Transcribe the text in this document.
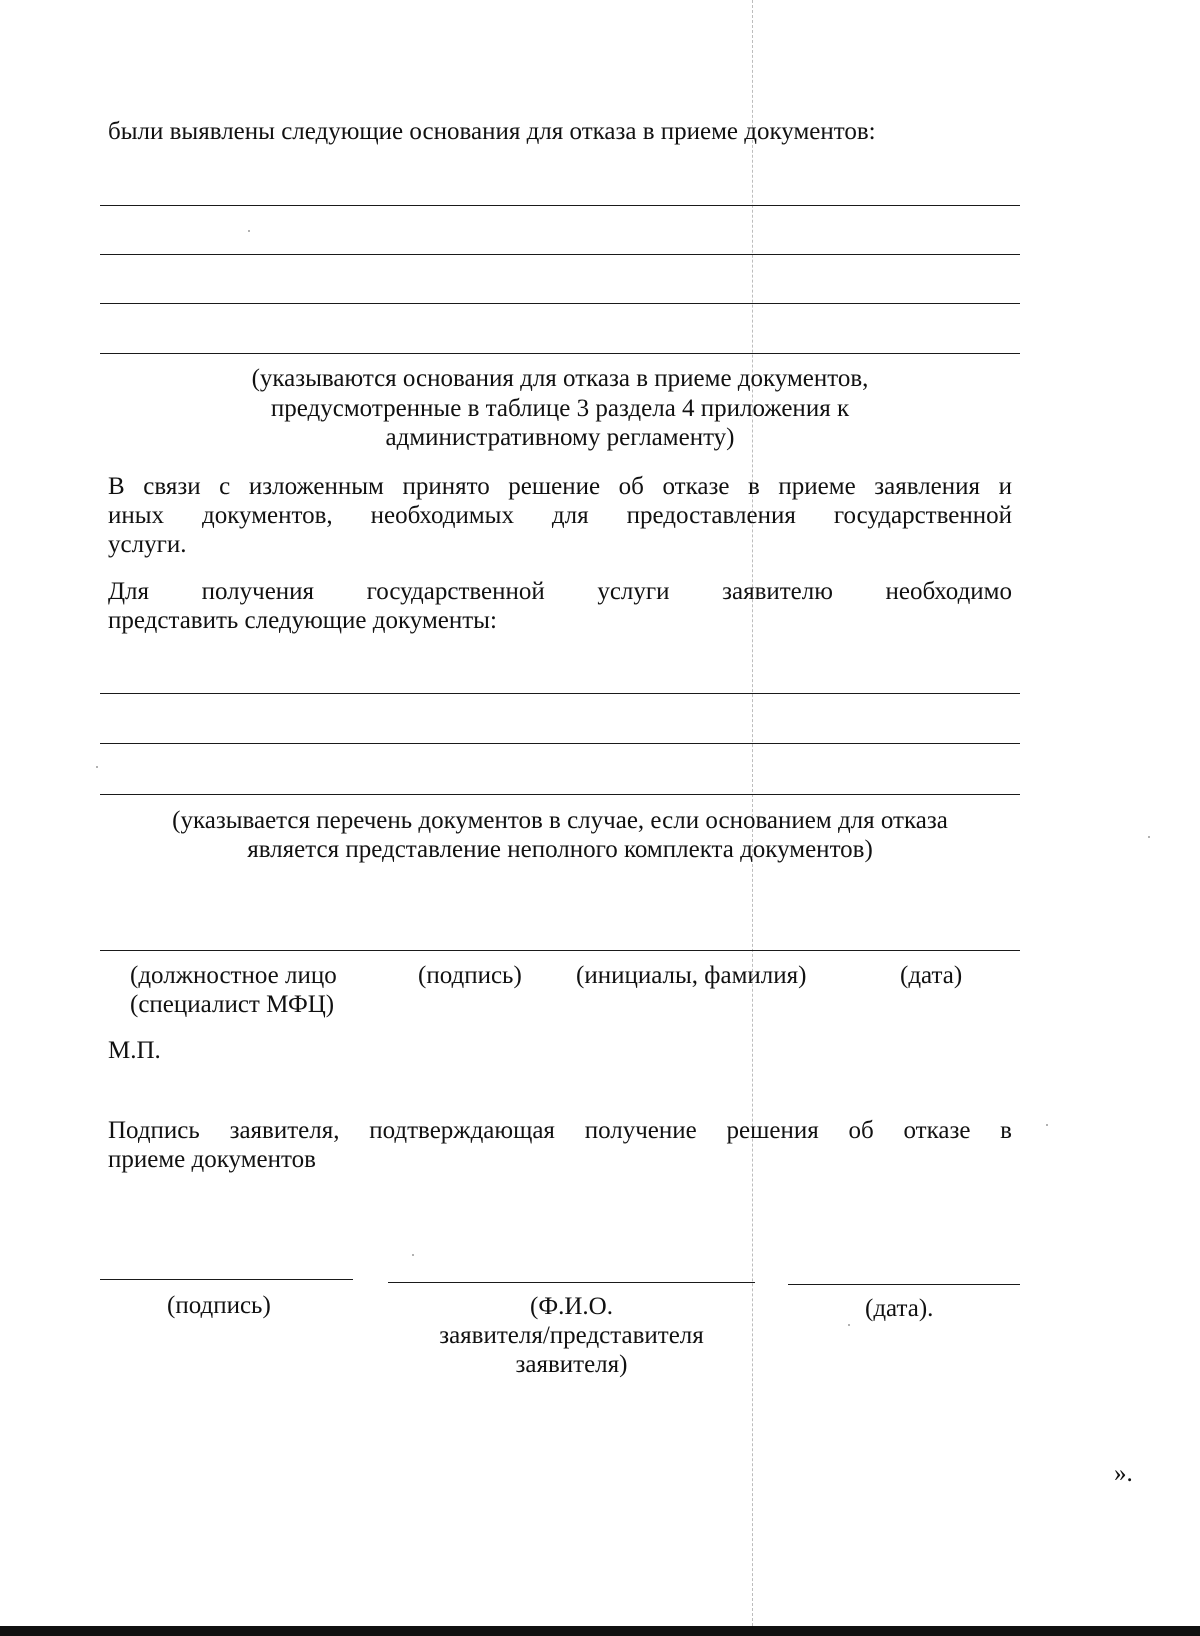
были выявлены следующие основания для отказа в приеме документов:
(указываются основания для отказа в приеме документов,
предусмотренные в таблице 3 раздела 4 приложения к
административному регламенту)
В связи с изложенным принято решение об отказе в приеме заявления и
иных документов, необходимых для предоставления государственной
услуги.
Для получения государственной услуги заявителю необходимо
представить следующие документы:
(указывается перечень документов в случае, если основанием для отказа
является представление неполного комплекта документов)
(должностное лицо
(специалист МФЦ)
(подпись) (инициалы, фамилия)	(дата)
М.П.
Подпись заявителя, подтверждающая получение решения об отказе в
приеме документов
(подпись)	(Ф.И.О.
заявителя/представителя
заявителя)
(дата).
».
